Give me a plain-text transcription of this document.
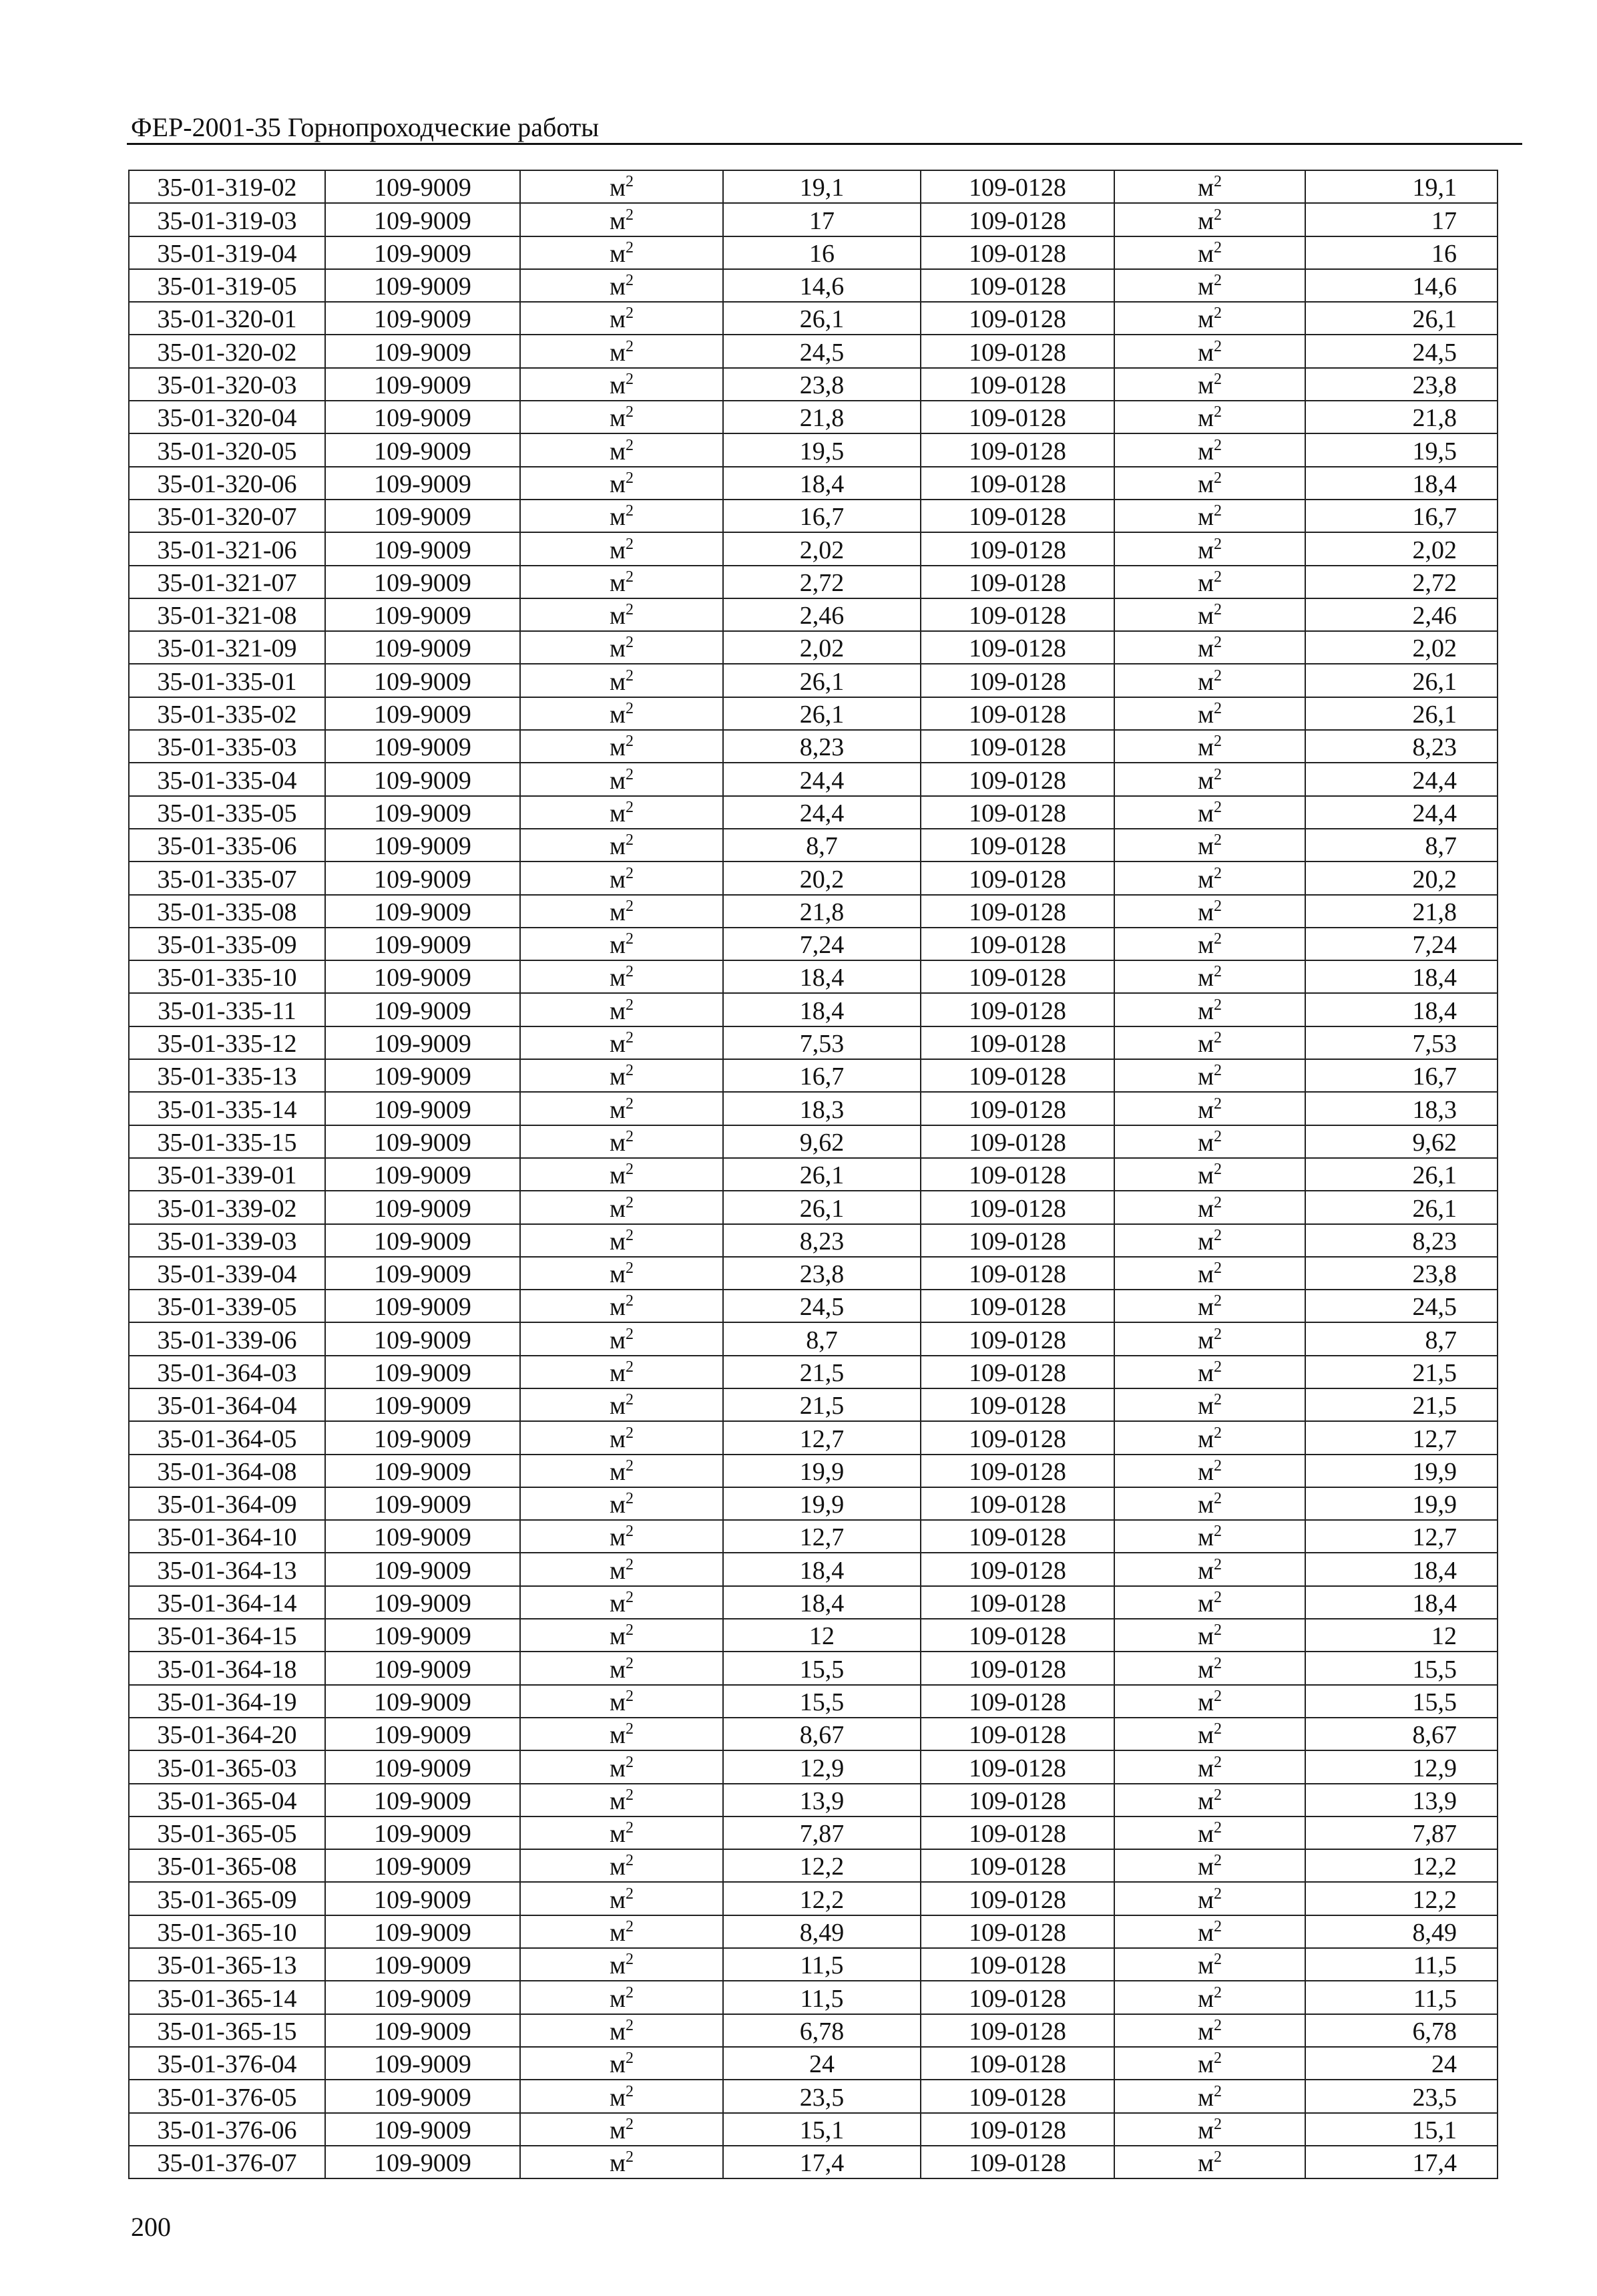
ФЕР-2001-35 Горнопроходческие работы
35-01-319-02	109-9009	$м^2$	19,1	109-0128	$м^2$	19,1
35-01-319-03	109-9009	$м^2$	17	109-0128	$м^2$	17
35-01-319-04	109-9009	$м^2$	16	109-0128	$м^2$	16
35-01-319-05	109-9009	$м^2$	14,6	109-0128	$м^2$	14,6
35-01-320-01	109-9009	$м^2$	26,1	109-0128	$м^2$	26,1
35-01-320-02	109-9009	$м^2$	24,5	109-0128	$м^2$	24,5
35-01-320-03	109-9009	$м^2$	23,8	109-0128	$м^2$	23,8
35-01-320-04	109-9009	$м^2$	21,8	109-0128	$м^2$	21,8
35-01-320-05	109-9009	$м^2$	19,5	109-0128	$м^2$	19,5
35-01-320-06	109-9009	$м^2$	18,4	109-0128	$м^2$	18,4
35-01-320-07	109-9009	$м^2$	16,7	109-0128	$м^2$	16,7
35-01-321-06	109-9009	$м^2$	2,02	109-0128	$м^2$	2,02
35-01-321-07	109-9009	$м^2$	2,72	109-0128	$м^2$	2,72
35-01-321-08	109-9009	$м^2$	2,46	109-0128	$м^2$	2,46
35-01-321-09	109-9009	$м^2$	2,02	109-0128	$м^2$	2,02
35-01-335-01	109-9009	$м^2$	26,1	109-0128	$м^2$	26,1
35-01-335-02	109-9009	$м^2$	26,1	109-0128	$м^2$	26,1
35-01-335-03	109-9009	$м^2$	8,23	109-0128	$м^2$	8,23
35-01-335-04	109-9009	$м^2$	24,4	109-0128	$м^2$	24,4
35-01-335-05	109-9009	$м^2$	24,4	109-0128	$м^2$	24,4
35-01-335-06	109-9009	$м^2$	8,7	109-0128	$м^2$	8,7
35-01-335-07	109-9009	$м^2$	20,2	109-0128	$м^2$	20,2
35-01-335-08	109-9009	$м^2$	21,8	109-0128	$м^2$	21,8
35-01-335-09	109-9009	$м^2$	7,24	109-0128	$м^2$	7,24
35-01-335-10	109-9009	$м^2$	18,4	109-0128	$м^2$	18,4
35-01-335-11	109-9009	$м^2$	18,4	109-0128	$м^2$	18,4
35-01-335-12	109-9009	$м^2$	7,53	109-0128	$м^2$	7,53
35-01-335-13	109-9009	$м^2$	16,7	109-0128	$м^2$	16,7
35-01-335-14	109-9009	$м^2$	18,3	109-0128	$м^2$	18,3
35-01-335-15	109-9009	$м^2$	9,62	109-0128	$м^2$	9,62
35-01-339-01	109-9009	$м^2$	26,1	109-0128	$м^2$	26,1
35-01-339-02	109-9009	$м^2$	26,1	109-0128	$м^2$	26,1
35-01-339-03	109-9009	$м^2$	8,23	109-0128	$м^2$	8,23
35-01-339-04	109-9009	$м^2$	23,8	109-0128	$м^2$	23,8
35-01-339-05	109-9009	$м^2$	24,5	109-0128	$м^2$	24,5
35-01-339-06	109-9009	$м^2$	8,7	109-0128	$м^2$	8,7
35-01-364-03	109-9009	$м^2$	21,5	109-0128	$м^2$	21,5
35-01-364-04	109-9009	$м^2$	21,5	109-0128	$м^2$	21,5
35-01-364-05	109-9009	$м^2$	12,7	109-0128	$м^2$	12,7
35-01-364-08	109-9009	$м^2$	19,9	109-0128	$м^2$	19,9
35-01-364-09	109-9009	$м^2$	19,9	109-0128	$м^2$	19,9
35-01-364-10	109-9009	$м^2$	12,7	109-0128	$м^2$	12,7
35-01-364-13	109-9009	$м^2$	18,4	109-0128	$м^2$	18,4
35-01-364-14	109-9009	$м^2$	18,4	109-0128	$м^2$	18,4
35-01-364-15	109-9009	$м^2$	12	109-0128	$м^2$	12
35-01-364-18	109-9009	$м^2$	15,5	109-0128	$м^2$	15,5
35-01-364-19	109-9009	$м^2$	15,5	109-0128	$м^2$	15,5
35-01-364-20	109-9009	$м^2$	8,67	109-0128	$м^2$	8,67
35-01-365-03	109-9009	$м^2$	12,9	109-0128	$м^2$	12,9
35-01-365-04	109-9009	$м^2$	13,9	109-0128	$м^2$	13,9
35-01-365-05	109-9009	$м^2$	7,87	109-0128	$м^2$	7,87
35-01-365-08	109-9009	$м^2$	12,2	109-0128	$м^2$	12,2
35-01-365-09	109-9009	$м^2$	12,2	109-0128	$м^2$	12,2
35-01-365-10	109-9009	$м^2$	8,49	109-0128	$м^2$	8,49
35-01-365-13	109-9009	$м^2$	11,5	109-0128	$м^2$	11,5
35-01-365-14	109-9009	$м^2$	11,5	109-0128	$м^2$	11,5
35-01-365-15	109-9009	$м^2$	6,78	109-0128	$м^2$	6,78
35-01-376-04	109-9009	$м^2$	24	109-0128	$м^2$	24
35-01-376-05	109-9009	$м^2$	23,5	109-0128	$м^2$	23,5
35-01-376-06	109-9009	$м^2$	15,1	109-0128	$м^2$	15,1
35-01-376-07	109-9009	$м^2$	17,4	109-0128	$м^2$	17,4
200
